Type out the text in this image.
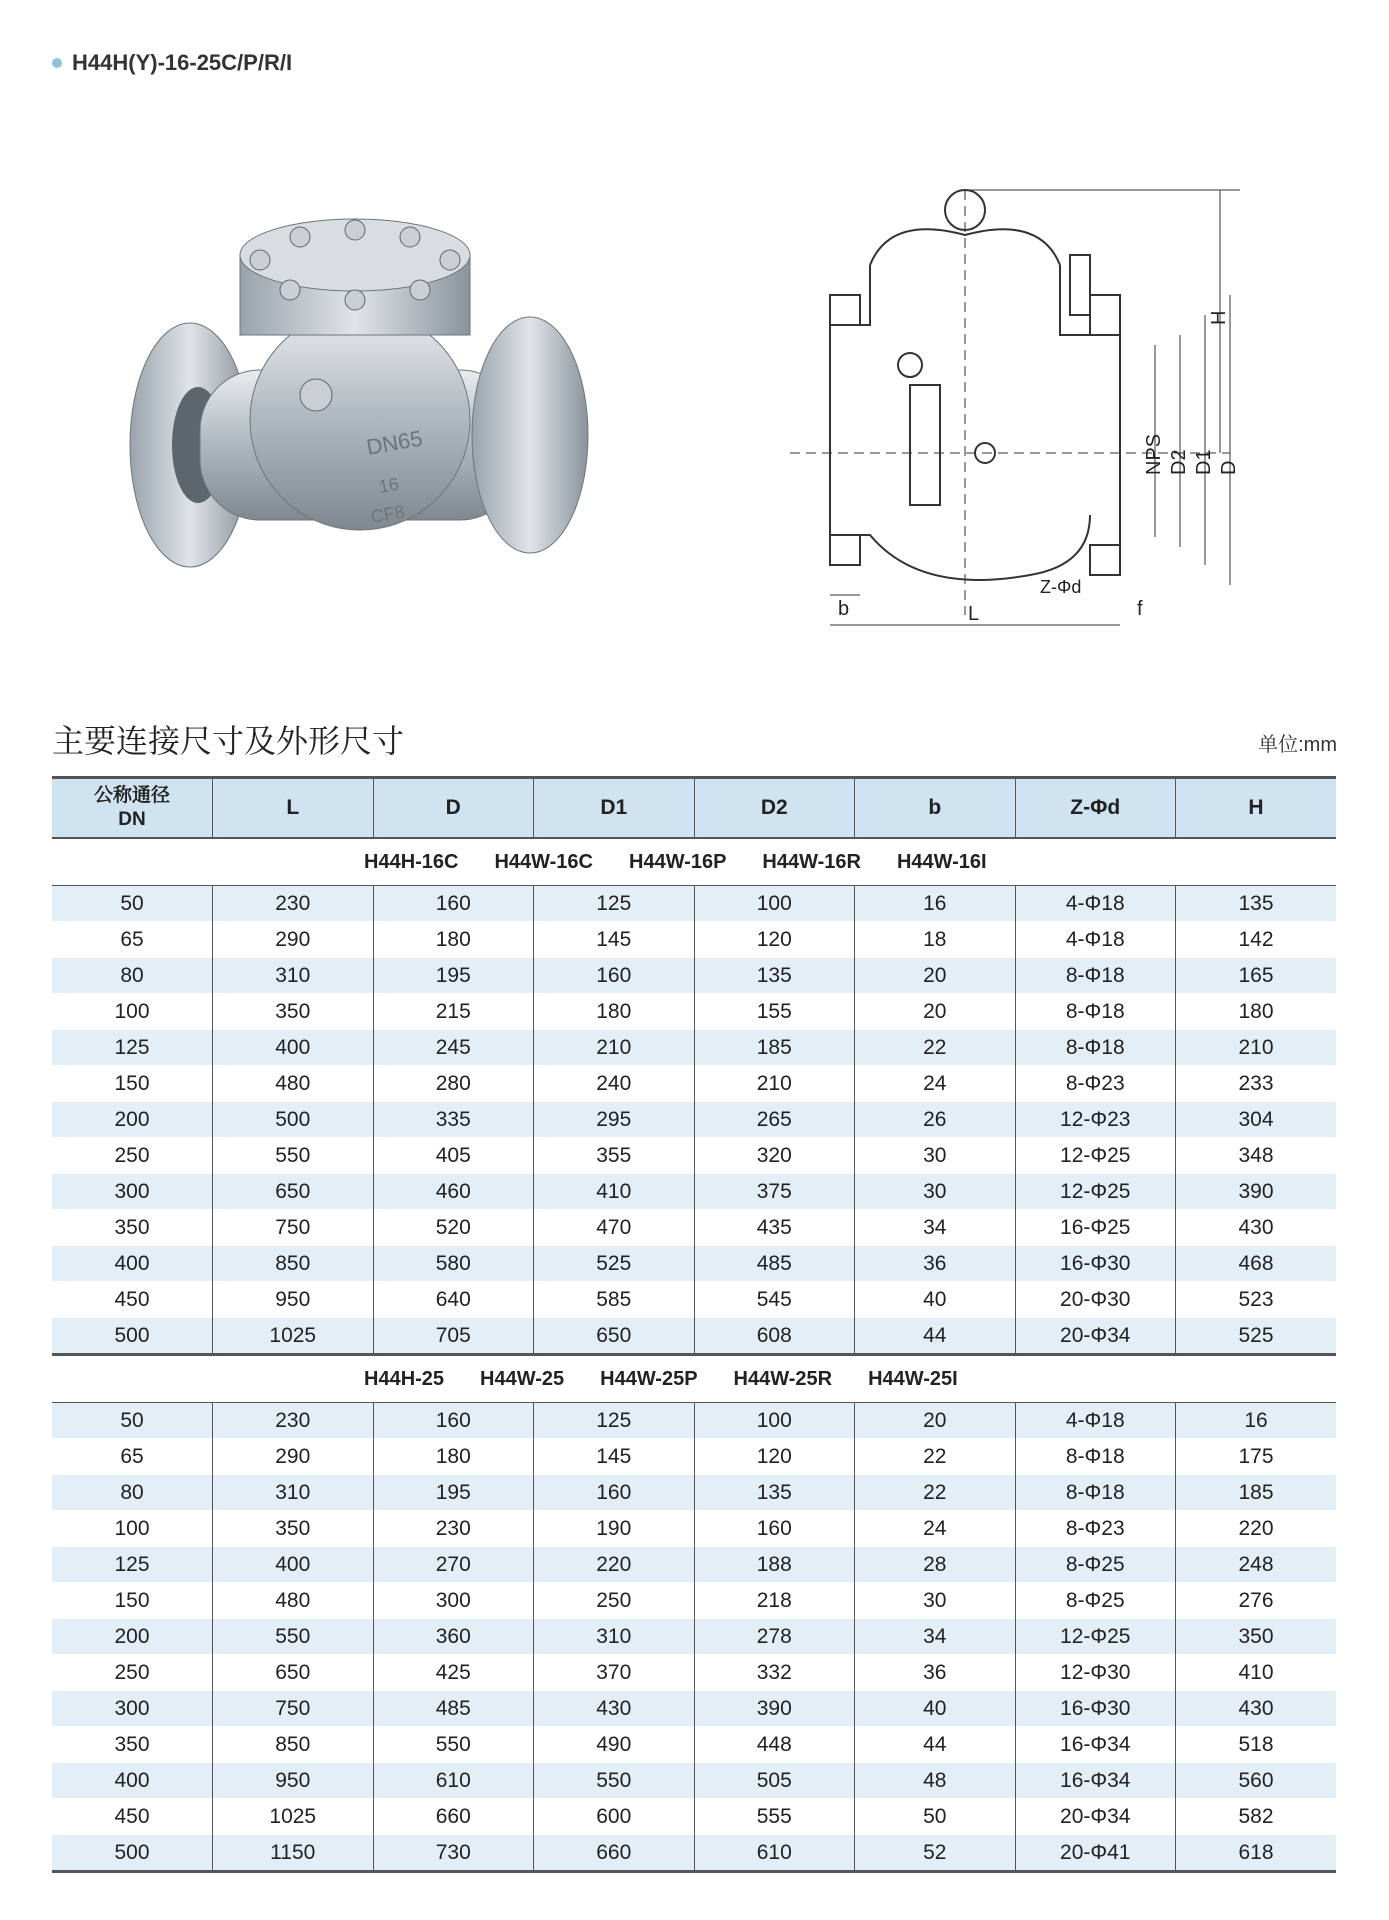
H44H(Y)-16-25C/P/R/I
DN65
16
CF8
H
NPS D2 D1 D
b	L
Z-Φd
f
主要连接尺寸及外形尺寸	单位:mm
公称通径
DN	L	D	D1	D2	b	Z-Φd	H

H44H-16C H44W-16C H44W-16P H44W-16R H44W-16I							

50	230	160	125	100	16	4-Φ18	135
65	290	180	145	120	18	4-Φ18	142
80	310	195	160	135	20	8-Φ18	165
100	350	215	180	155	20	8-Φ18	180
125	400	245	210	185	22	8-Φ18	210
150	480	280	240	210	24	8-Φ23	233
200	500	335	295	265	26	12-Φ23	304
250	550	405	355	320	30	12-Φ25	348
300	650	460	410	375	30	12-Φ25	390
350	750	520	470	435	34	16-Φ25	430
400	850	580	525	485	36	16-Φ30	468
450	950	640	585	545	40	20-Φ30	523
500	1025	705	650	608	44	20-Φ34	525

H44H-25 H44W-25 H44W-25P H44W-25R H44W-25I							

50	230	160	125	100	20	4-Φ18	16
65	290	180	145	120	22	8-Φ18	175
80	310	195	160	135	22	8-Φ18	185
100	350	230	190	160	24	8-Φ23	220
125	400	270	220	188	28	8-Φ25	248
150	480	300	250	218	30	8-Φ25	276
200	550	360	310	278	34	12-Φ25	350
250	650	425	370	332	36	12-Φ30	410
300	750	485	430	390	40	16-Φ30	430
350	850	550	490	448	44	16-Φ34	518
400	950	610	550	505	48	16-Φ34	560
450	1025	660	600	555	50	20-Φ34	582
500	1150	730	660	610	52	20-Φ41	618
